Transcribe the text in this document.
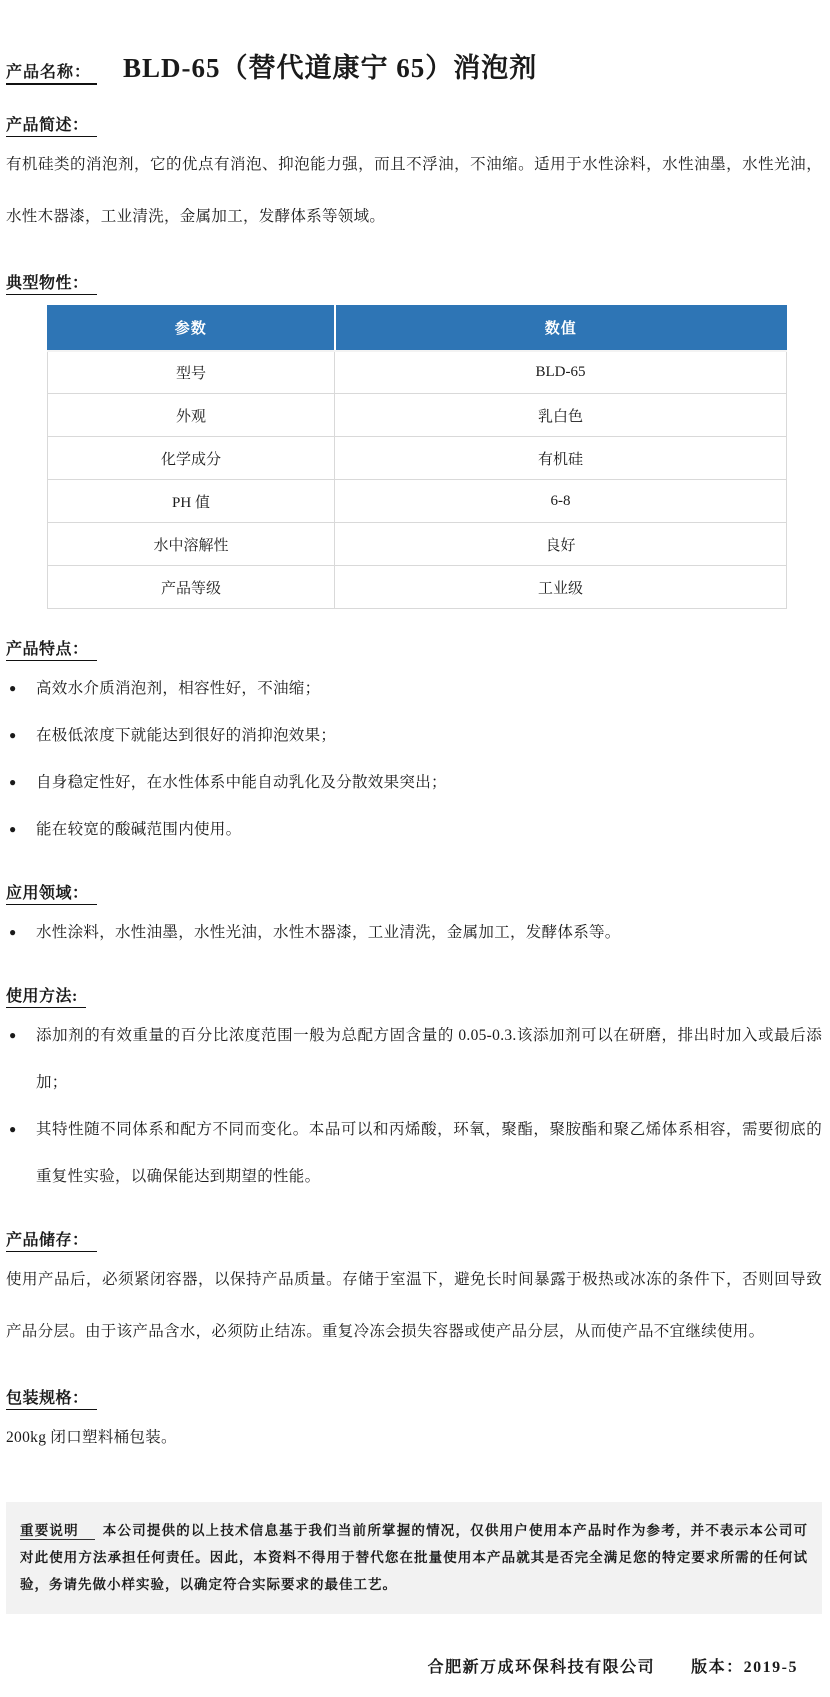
产品名称： BLD-65（替代道康宁 65）消泡剂
产品简述：

有机硅类的消泡剂，它的优点有消泡、抑泡能力强，而且不浮油，不油缩。适用于水性涂料，水性油墨，水性光油，水性木器漆，工业清洗，金属加工，发酵体系等领域。

典型物性：
参数	数值
型号	BLD-65
外观	乳白色
化学成分	有机硅
PH 值	6-8
水中溶解性	良好
产品等级	工业级
产品特点：
●	高效水介质消泡剂，相容性好，不油缩；
●	在极低浓度下就能达到很好的消抑泡效果；
●	自身稳定性好，在水性体系中能自动乳化及分散效果突出；
●	能在较宽的酸碱范围内使用。
应用领域：
●	水性涂料，水性油墨，水性光油，水性木器漆，工业清洗，金属加工，发酵体系等。
使用方法:
●	添加剂的有效重量的百分比浓度范围一般为总配方固含量的 0.05-0.3.该添加剂可以在研磨，排出时加入或最后添加；
●	其特性随不同体系和配方不同而变化。本品可以和丙烯酸，环氧，聚酯，聚胺酯和聚乙烯体系相容，需要彻底的重复性实验，以确保能达到期望的性能。
产品储存：

使用产品后，必须紧闭容器，以保持产品质量。存储于室温下，避免长时间暴露于极热或冰冻的条件下，否则回导致产品分层。由于该产品含水，必须防止结冻。重复冷冻会损失容器或使产品分层，从而使产品不宜继续使用。

包装规格：

200kg 闭口塑料桶包装。

重要说明 本公司提供的以上技术信息基于我们当前所掌握的情况，仅供用户使用本产品时作为参考，并不表示本公司可对此使用方法承担任何责任。因此，本资料不得用于替代您在批量使用本产品就其是否完全满足您的特定要求所需的任何试验，务请先做小样实验，以确定符合实际要求的最佳工艺。
合肥新万成环保科技有限公司 版本：2019-5
